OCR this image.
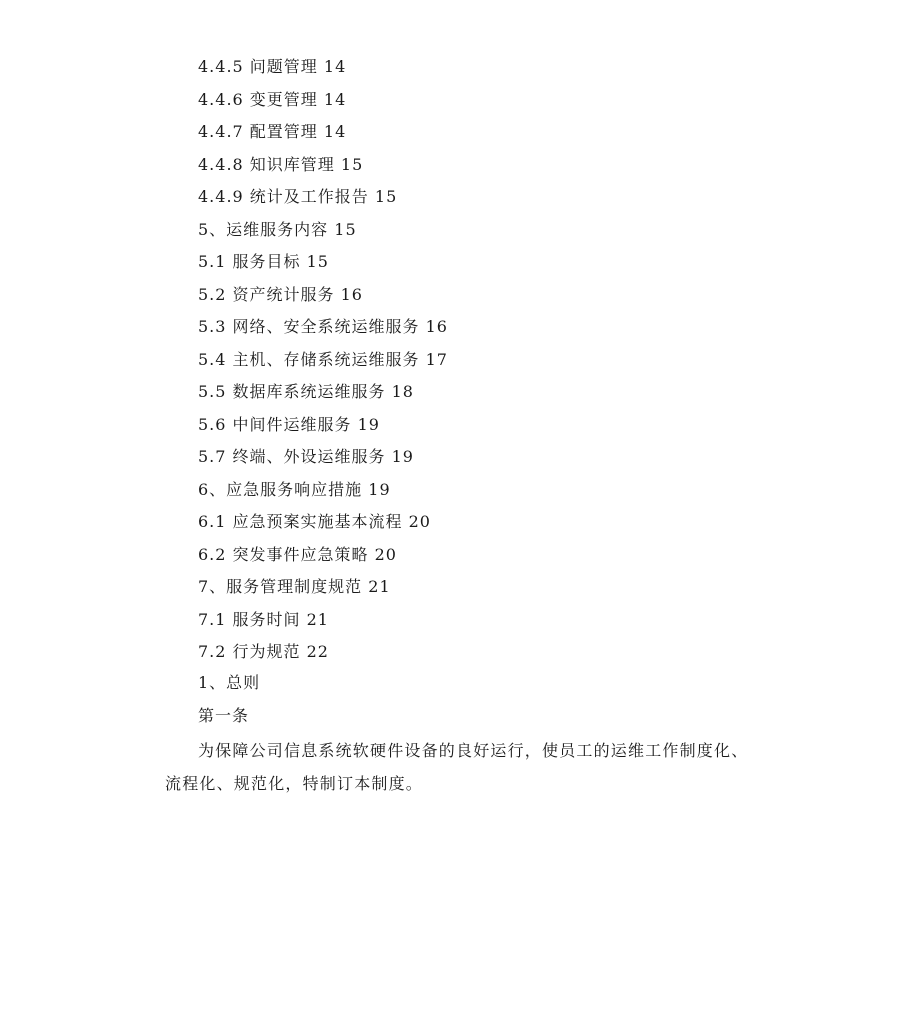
4.4.5 问题管理 14
4.4.6 变更管理 14
4.4.7 配置管理 14
4.4.8 知识库管理 15
4.4.9 统计及工作报告 15
5、运维服务内容 15
5.1 服务目标 15
5.2 资产统计服务 16
5.3 网络、安全系统运维服务 16
5.4 主机、存储系统运维服务 17
5.5 数据库系统运维服务 18
5.6 中间件运维服务 19
5.7 终端、外设运维服务 19
6、应急服务响应措施 19
6.1 应急预案实施基本流程 20
6.2 突发事件应急策略 20
7、服务管理制度规范 21
7.1 服务时间 21
7.2 行为规范 22
1、总则
第一条

为保障公司信息系统软硬件设备的良好运行，使员工的运维工作制度化、流程化、规范化，特制订本制度。
